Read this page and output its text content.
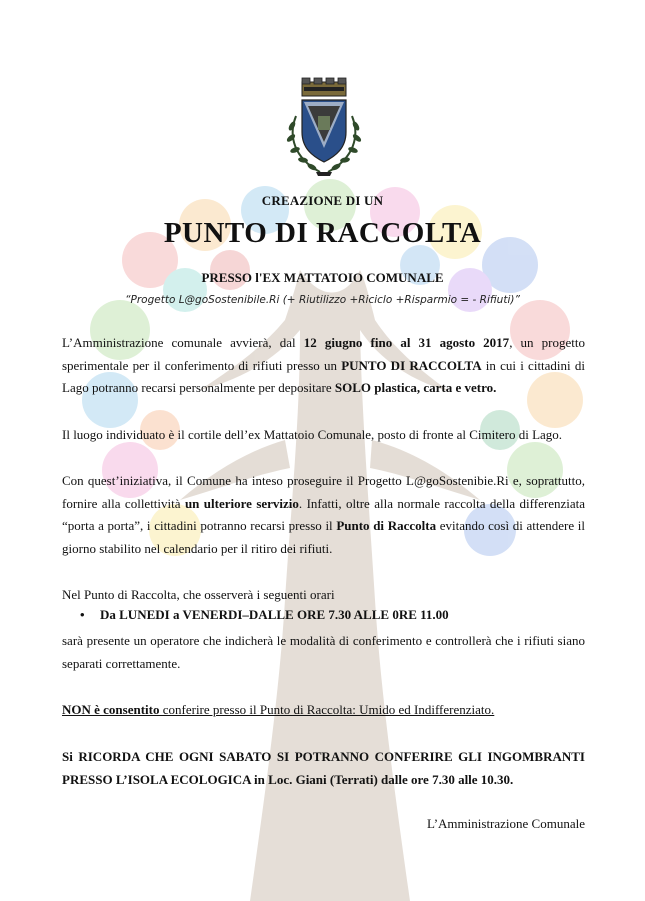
CREAZIONE DI UN
PUNTO DI RACCOLTA
PRESSO l'EX MATTATOIO COMUNALE
“Progetto L@goSostenibile.Ri (+ Riutilizzo +Riciclo +Risparmio = - Rifiuti)”
L’Amministrazione comunale avvierà, dal 12 giugno fino al 31 agosto 2017, un progetto sperimentale per il conferimento di rifiuti presso un PUNTO DI RACCOLTA in cui i cittadini di Lago potranno recarsi personalmente per depositare SOLO plastica, carta e vetro.
Il luogo individuato è il cortile dell’ex Mattatoio Comunale, posto di fronte al Cimitero di Lago.
Con quest’iniziativa, il Comune ha inteso proseguire il Progetto L@goSostenibie.Ri e, soprattutto, fornire alla collettività un ulteriore servizio. Infatti, oltre alla normale raccolta della differenziata “porta a porta”, i cittadini potranno recarsi presso il Punto di Raccolta evitando così di attendere il giorno stabilito nel calendario per il ritiro dei rifiuti.
Nel Punto di Raccolta, che osserverà i seguenti orari
• Da LUNEDI a VENERDI–DALLE ORE 7.30 ALLE 0RE 11.00
sarà presente un operatore che indicherà le modalità di conferimento e controllerà che i rifiuti siano separati correttamente.
NON è consentito conferire presso il Punto di Raccolta: Umido ed Indifferenziato.
Si RICORDA CHE OGNI SABATO SI POTRANNO CONFERIRE GLI INGOMBRANTI PRESSO L’ISOLA ECOLOGICA in Loc. Giani (Terrati) dalle ore 7.30 alle 10.30.
L’Amministrazione Comunale
